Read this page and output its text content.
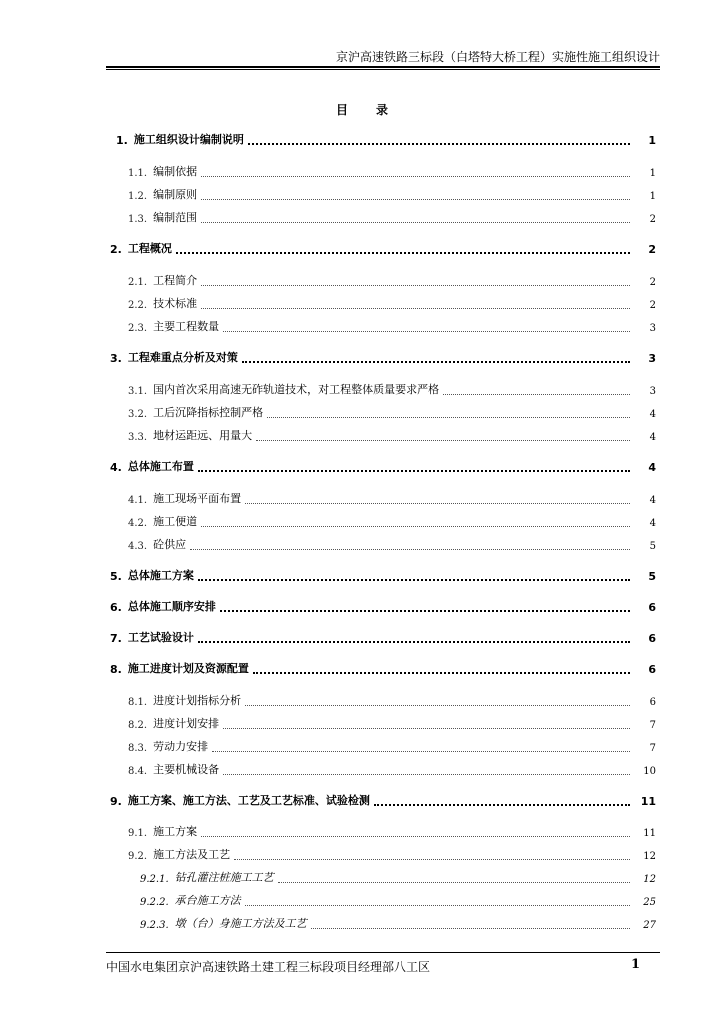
京沪高速铁路三标段（白塔特大桥工程）实施性施工组织设计
目录
1. 施工组织设计编制说明	1
1.1. 编制依据	1
1.2. 编制原则	1
1.3. 编制范围	2
2. 工程概况	2
2.1. 工程简介	2
2.2. 技术标准	2
2.3. 主要工程数量	3
3. 工程难重点分析及对策	3
3.1. 国内首次采用高速无砟轨道技术，对工程整体质量要求严格	3
3.2. 工后沉降指标控制严格	4
3.3. 地材运距远、用量大	4
4. 总体施工布置	4
4.1. 施工现场平面布置	4
4.2. 施工便道	4
4.3. 砼供应	5
5. 总体施工方案	5
6. 总体施工顺序安排	6
7. 工艺试验设计	6
8. 施工进度计划及资源配置	6
8.1. 进度计划指标分析	6
8.2. 进度计划安排	7
8.3. 劳动力安排	7
8.4. 主要机械设备	10
9. 施工方案、施工方法、工艺及工艺标准、试验检测	11
9.1. 施工方案	11
9.2. 施工方法及工艺	12
9.2.1. 钻孔灌注桩施工工艺	12
9.2.2. 承台施工方法	25
9.2.3. 墩（台）身施工方法及工艺	27
中国水电集团京沪高速铁路土建工程三标段项目经理部八工区	1
